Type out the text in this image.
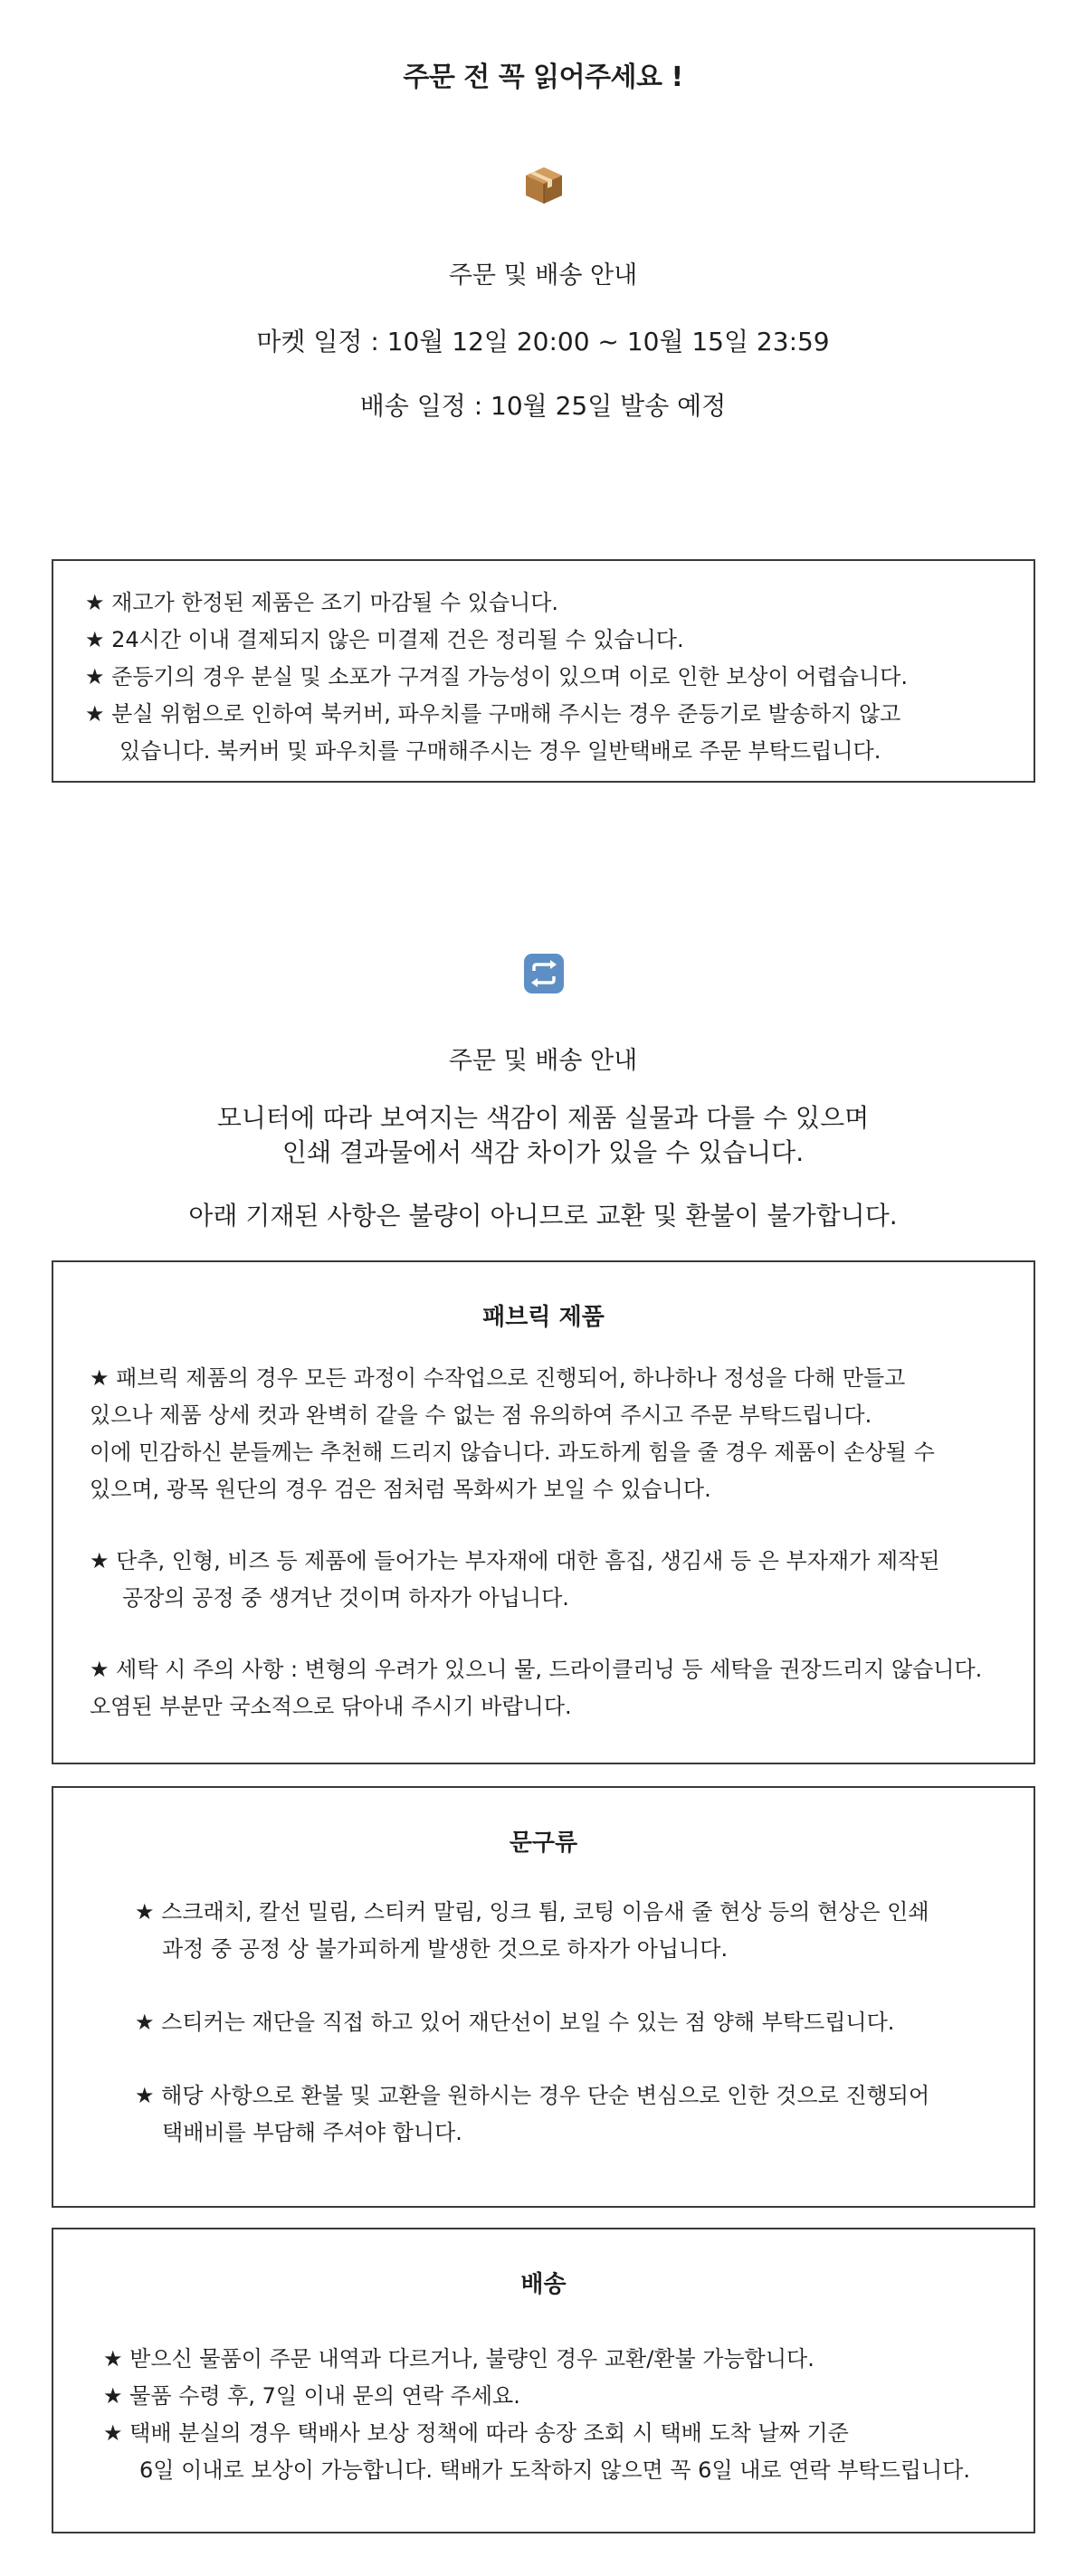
주문 전 꼭 읽어주세요 !
주문 및 배송 안내
마켓 일정 : 10월 12일 20:00 ~ 10월 15일 23:59
배송 일정 : 10월 25일 발송 예정
★ 재고가 한정된 제품은 조기 마감될 수 있습니다.
★ 24시간 이내 결제되지 않은 미결제 건은 정리될 수 있습니다.
★ 준등기의 경우 분실 및 소포가 구겨질 가능성이 있으며 이로 인한 보상이 어렵습니다.
★ 분실 위험으로 인하여 북커버, 파우치를 구매해 주시는 경우 준등기로 발송하지 않고
있습니다. 북커버 및 파우치를 구매해주시는 경우 일반택배로 주문 부탁드립니다.
주문 및 배송 안내
모니터에 따라 보여지는 색감이 제품 실물과 다를 수 있으며
인쇄 결과물에서 색감 차이가 있을 수 있습니다.
아래 기재된 사항은 불량이 아니므로 교환 및 환불이 불가합니다.
패브릭 제품
★ 패브릭 제품의 경우 모든 과정이 수작업으로 진행되어, 하나하나 정성을 다해 만들고
있으나 제품 상세 컷과 완벽히 같을 수 없는 점 유의하여 주시고 주문 부탁드립니다.
이에 민감하신 분들께는 추천해 드리지 않습니다. 과도하게 힘을 줄 경우 제품이 손상될 수
있으며, 광목 원단의 경우 검은 점처럼 목화씨가 보일 수 있습니다.
★ 단추, 인형, 비즈 등 제품에 들어가는 부자재에 대한 흠집, 생김새 등 은 부자재가 제작된
공장의 공정 중 생겨난 것이며 하자가 아닙니다.
★ 세탁 시 주의 사항 : 변형의 우려가 있으니 물, 드라이클리닝 등 세탁을 권장드리지 않습니다.
오염된 부분만 국소적으로 닦아내 주시기 바랍니다.
문구류
★ 스크래치, 칼선 밀림, 스티커 말림, 잉크 튐, 코팅 이음새 줄 현상 등의 현상은 인쇄
과정 중 공정 상 불가피하게 발생한 것으로 하자가 아닙니다.
★ 스티커는 재단을 직접 하고 있어 재단선이 보일 수 있는 점 양해 부탁드립니다.
★ 해당 사항으로 환불 및 교환을 원하시는 경우 단순 변심으로 인한 것으로 진행되어
택배비를 부담해 주셔야 합니다.
배송
★ 받으신 물품이 주문 내역과 다르거나, 불량인 경우 교환/환불 가능합니다.
★ 물품 수령 후, 7일 이내 문의 연락 주세요.
★ 택배 분실의 경우 택배사 보상 정책에 따라 송장 조회 시 택배 도착 날짜 기준
6일 이내로 보상이 가능합니다. 택배가 도착하지 않으면 꼭 6일 내로 연락 부탁드립니다.
